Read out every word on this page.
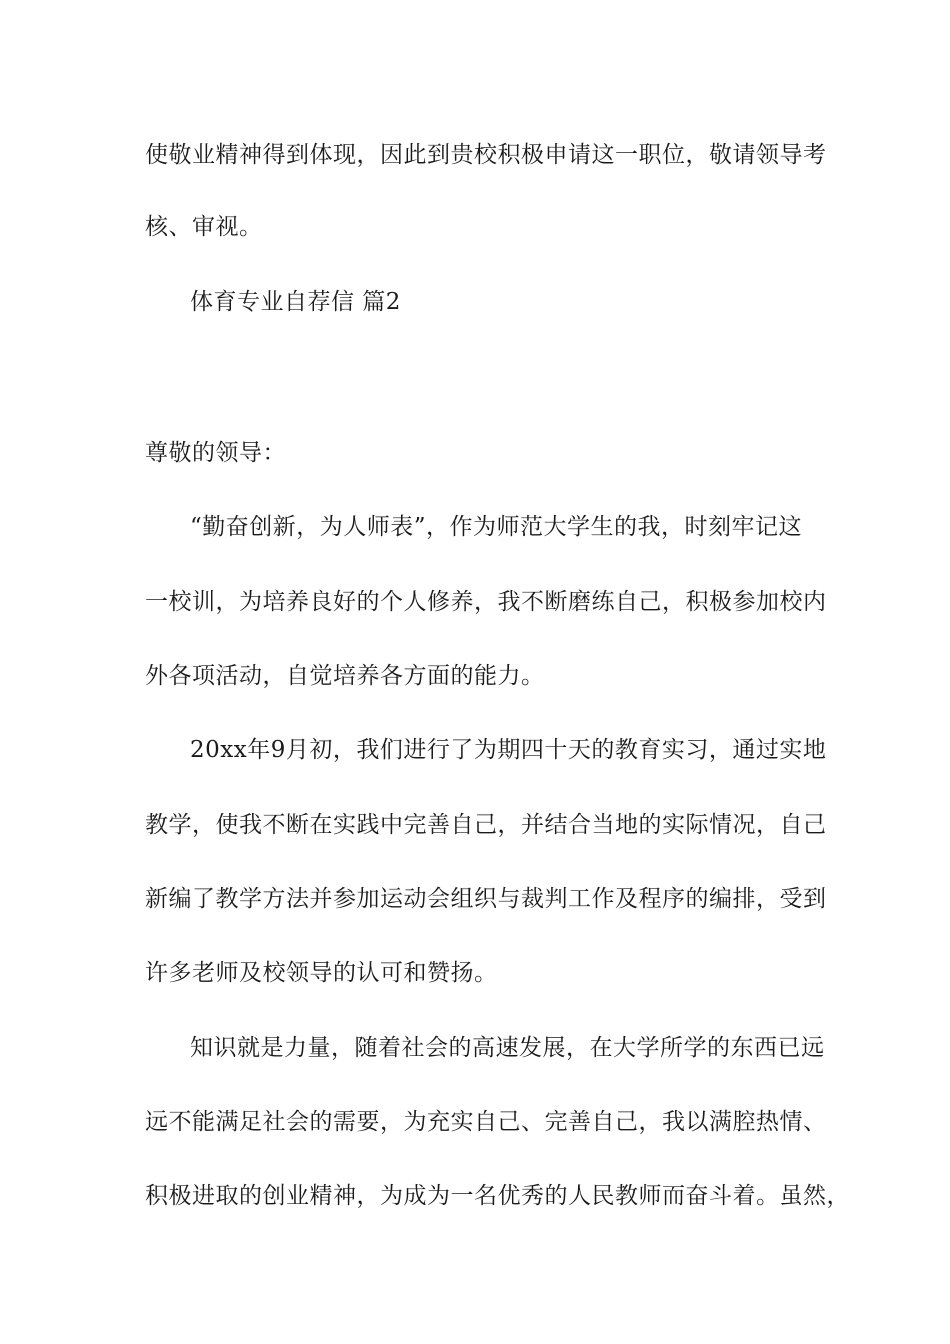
使敬业精神得到体现，因此到贵校积极申请这一职位，敬请领导考
核、审视。
体育专业自荐信 篇2
尊敬的领导：
“勤奋创新，为人师表”，作为师范大学生的我，时刻牢记这
一校训，为培养良好的个人修养，我不断磨练自己，积极参加校内
外各项活动，自觉培养各方面的能力。
20xx年9月初，我们进行了为期四十天的教育实习，通过实地
教学，使我不断在实践中完善自己，并结合当地的实际情况，自己
新编了教学方法并参加运动会组织与裁判工作及程序的编排，受到
许多老师及校领导的认可和赞扬。
知识就是力量，随着社会的高速发展，在大学所学的东西已远
远不能满足社会的需要，为充实自己、完善自己，我以满腔热情、
积极进取的创业精神，为成为一名优秀的人民教师而奋斗着。虽然，
